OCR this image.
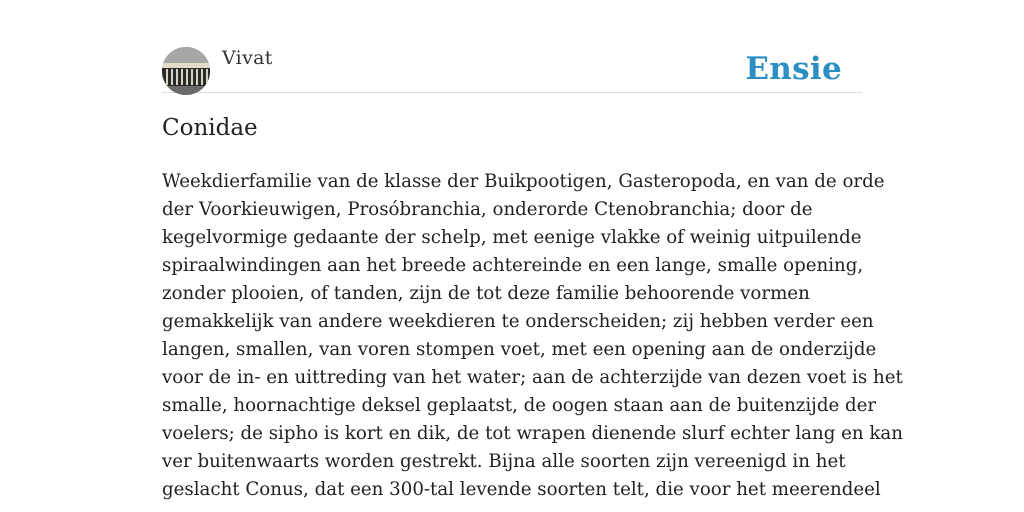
Vivat	Ensie
Conidae
Weekdierfamilie van de klasse der Buikpootigen, Gasteropoda, en van de orde
der Voorkieuwigen, Prosóbranchia, onderorde Ctenobranchia; door de
kegelvormige gedaante der schelp, met eenige vlakke of weinig uitpuilende
spiraalwindingen aan het breede achtereinde en een lange, smalle opening,
zonder plooien, of tanden, zijn de tot deze familie behoorende vormen
gemakkelijk van andere weekdieren te onderscheiden; zij hebben verder een
langen, smallen, van voren stompen voet, met een opening aan de onderzijde
voor de in- en uittreding van het water; aan de achterzijde van dezen voet is het
smalle, hoornachtige deksel geplaatst, de oogen staan aan de buitenzijde der
voelers; de sipho is kort en dik, de tot wrapen dienende slurf echter lang en kan
ver buitenwaarts worden gestrekt. Bijna alle soorten zijn vereenigd in het
geslacht Conus, dat een 300-tal levende soorten telt, die voor het meerendeel
